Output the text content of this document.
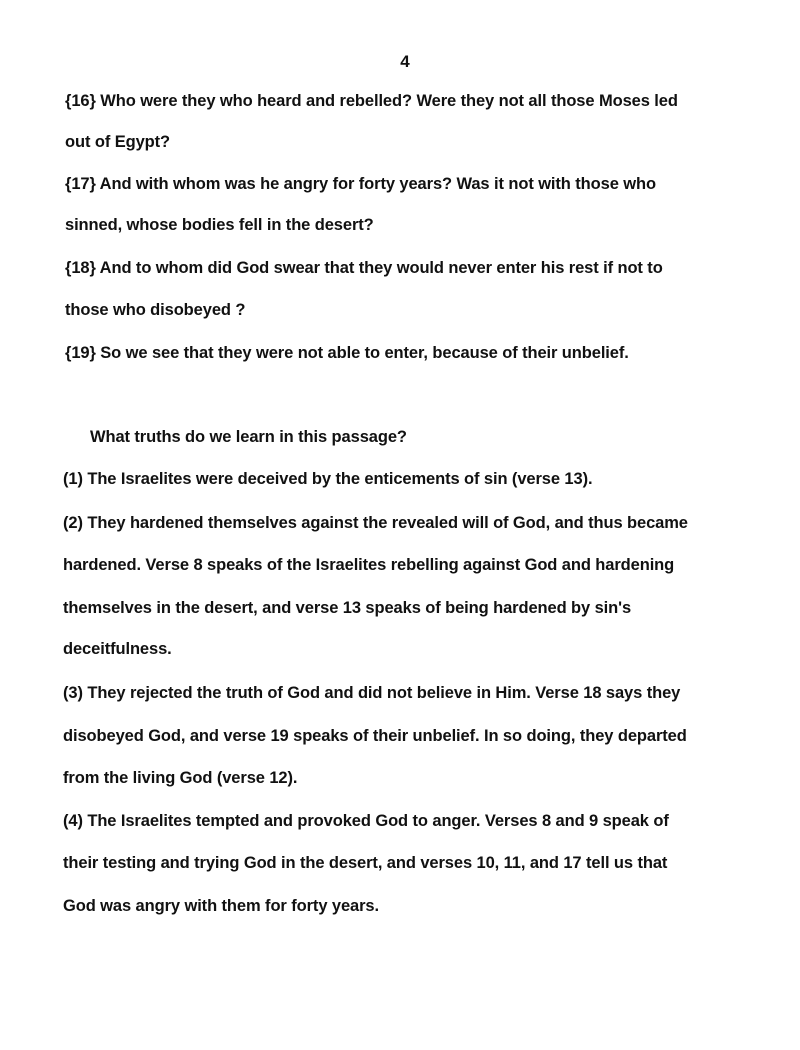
4
{16} Who were they who heard and rebelled? Were they not all those Moses led
out of Egypt?
{17} And with whom was he angry for forty years? Was it not with those who
sinned, whose bodies fell in the desert?
{18} And to whom did God swear that they would never enter his rest if not to
those who disobeyed ?
{19} So we see that they were not able to enter, because of their unbelief.
What truths do we learn in this passage?
(1) The Israelites were deceived by the enticements of sin (verse 13).
(2) They hardened themselves against the revealed will of God, and thus became
hardened. Verse 8 speaks of the Israelites rebelling against God and hardening
themselves in the desert, and verse 13 speaks of being hardened by sin's
deceitfulness.
(3) They rejected the truth of God and did not believe in Him. Verse 18 says they
disobeyed God, and verse 19 speaks of their unbelief. In so doing, they departed
from the living God (verse 12).
(4) The Israelites tempted and provoked God to anger. Verses 8 and 9 speak of
their testing and trying God in the desert, and verses 10, 11, and 17 tell us that
God was angry with them for forty years.
